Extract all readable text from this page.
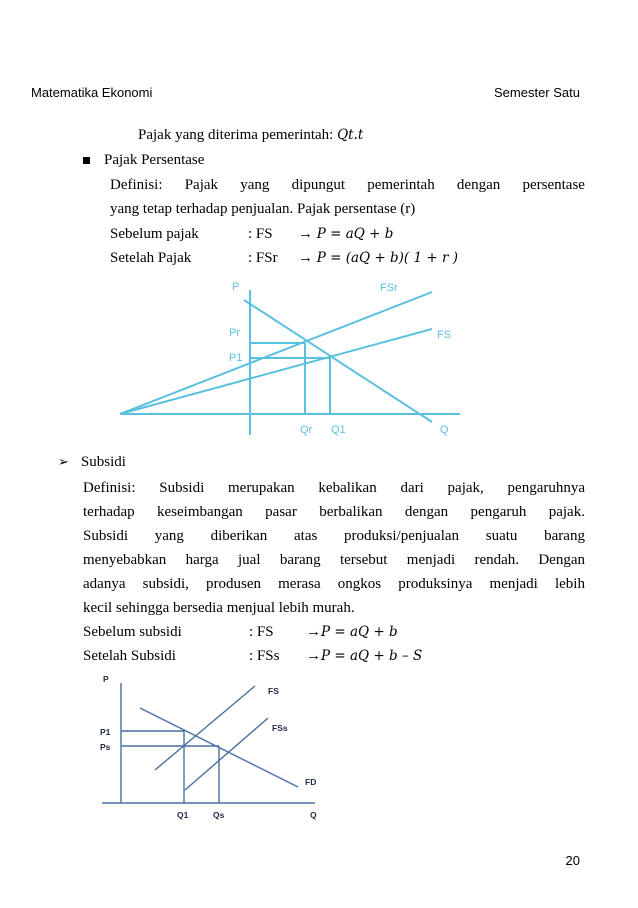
Matematika Ekonomi	Semester Satu
Pajak yang diterima pemerintah: Qt.t
Pajak Persentase
Definisi: Pajak yang dipungut pemerintah dengan persentase
yang tetap terhadap penjualan. Pajak persentase (r)
Sebelum pajak	: FS → P = aQ + b
Setelah Pajak	: FSr → P = (aQ + b)( 1 + r )
P	FSr
FS
Pr
P1
Qr Q1	Q
P
FS
FSs
FD
P1
Ps
Q1	Qs	Q
➢ Subsidi
Definisi: Subsidi merupakan kebalikan dari pajak, pengaruhnya
terhadap keseimbangan pasar berbalikan dengan pengaruh pajak.
Subsidi yang diberikan atas produksi/penjualan suatu barang
menyebabkan harga jual barang tersebut menjadi rendah. Dengan
adanya subsidi, produsen merasa ongkos produksinya menjadi lebih
kecil sehingga bersedia menjual lebih murah.
Sebelum subsidi	: FS →P = aQ + b
Setelah Subsidi	: FSs →P = aQ + b – S
20
